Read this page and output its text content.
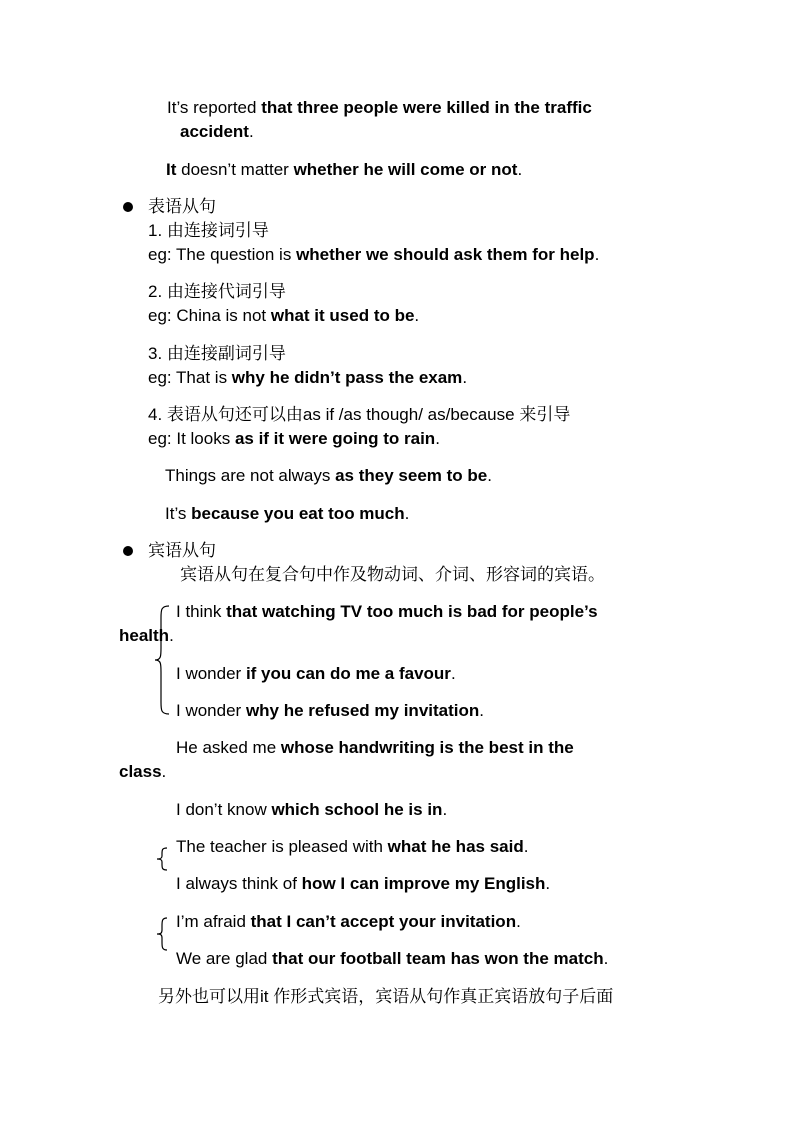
It’s reported that three people were killed in the traffic
accident.
It doesn’t matter whether he will come or not.
表语从句
1. 由连接词引导
eg: The question is whether we should ask them for help.
2. 由连接代词引导
eg: China is not what it used to be.
3. 由连接副词引导
eg: That is why he didn’t pass the exam.
4. 表语从句还可以由as if /as though/ as/because 来引导
eg: It looks as if it were going to rain.
Things are not always as they seem to be.
It’s because you eat too much.
宾语从句
宾语从句在复合句中作及物动词、介词、形容词的宾语。
I think that watching TV too much is bad for people’s
health.
I wonder if you can do me a favour.
I wonder why he refused my invitation.
He asked me whose handwriting is the best in the
class.
I don’t know which school he is in.
The teacher is pleased with what he has said.
I always think of how I can improve my English.
I’m afraid that I can’t accept your invitation.
We are glad that our football team has won the match.
另外也可以用it 作形式宾语，宾语从句作真正宾语放句子后面
